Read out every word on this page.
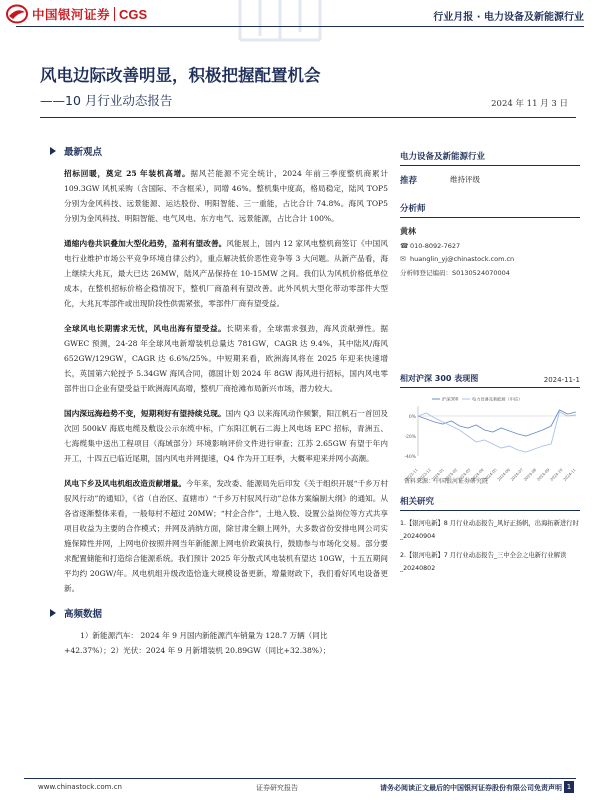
中国银河证券 CGS	行业月报 · 电力设备及新能源行业
风电边际改善明显，积极把握配置机会
——10 月行业动态报告	2024 年 11 月 3 日
最新观点

招标回暖，奠定 25 年装机高增。据风芒能源不完全统计，2024 年前三季度整机商累计 109.3GW 风机采购（含国际、不含框采），同增 46%。整机集中度高，格局稳定，陆风 TOP5 分别为金风科技、远景能源、运达股份、明阳智能、三一重能，占比合计 74.8%。海风 TOP5 分别为金风科技、明阳智能、电气风电、东方电气、远景能源，占比合计 100%。

通缩内卷共识叠加大型化趋势，盈利有望改善。风能展上，国内 12 家风电整机商签订《中国风电行业维护市场公平竞争环境自律公约》，重点解决低价恶性竞争等 3 大问题。从新产品看，海上继续大兆瓦，最大已达 26MW，陆风产品保持在 10-15MW 之间。我们认为风机价格低单位成本，在整机招标价格企稳情况下，整机厂商盈利有望改善。此外风机大型化带动零部件大型化，大兆瓦零部件或出现阶段性供需紧张，零部件厂商有望受益。

全球风电长期需求无忧，风电出海有望受益。长期来看，全球需求强劲，海风贡献弹性。据 GWEC 预测，24-28 年全球风电新增装机总量达 781GW，CAGR 达 9.4%，其中陆风/海风 652GW/129GW，CAGR 达 6.6%/25%。中短期来看，欧洲海风将在 2025 年迎来快速增长，英国第六轮授予 5.34GW 海风合同，德国计划 2024 年 8GW 海风进行招标，国内风电零部件出口企业有望受益于欧洲海风高增，整机厂商抢滩布局新兴市场，潜力较大。

国内深远海趋势不变，短期利好有望持续兑现。国内 Q3 以来海风动作频繁，阳江帆石一首回及次回 500kV 海底电缆及敷设公示东缆中标，广东阳江帆石二海上风电场 EPC 招标，青洲五、七海缆集中送出工程项目（海域部分）环境影响评价文件进行审查；江苏 2.65GW 有望于年内开工，十四五已临近尾期，国内风电并网提速，Q4 作为开工旺季，大概率迎来并网小高潮。

风电下乡及风电机组改造贡献增量。今年来，发改委、能源局先后印发《关于组织开展“千乡万村驭风行动”的通知》，《省（自治区、直辖市）“千乡万村驭风行动”总体方案编制大纲》的通知。从各省逐渐整体来看，一般每村不超过 20MW；“村企合作”，土地入股、设置公益岗位等方式共享项目收益为主要的合作模式；并网及消纳方面，除甘肃全额上网外，大多数省份安排电网公司实施保障性并网，上网电价按照并网当年新能源上网电价政策执行，鼓励参与市场化交易。部分要求配置储能和打造综合能源系统。我们预计 2025 年分散式风电装机有望达 10GW，十五五期间平均约 20GW/年。风电机组升级改造恰逢大规模设备更新，增量财政下，我们看好风电设备更新。

高频数据
1）新能源汽车： 2024 年 9 月国内新能源汽车销量为 128.7 万辆（同比
+42.37%）；2）光伏：2024 年 9 月新增装机 20.89GW（同比+32.38%）；
电力设备及新能源行业
推荐	维持评级
分析师
黄林
☎ 010-8092-7627
✉ huanglin_yj@chinastock.com.cn
分析师登记编码：S0130524070004
相对沪深 300 表现图	2024-11-1
-40%
-20%
0%
2023-11
2023-12
2024-01
2024-02
2024-03
2024-04
2024-05
2024-06
2024-07
2024-08
2024-09
2024-10
2024-11
沪深300	电力设备及新能源（中信）
资料来源：中国银河证券研究院
相关研究
1.【银河电新】8 月行业动态报告_风好正扬帆，出海拓新进行时_20240904
2.【银河电新】7 月行业动态报告_三中全会之电新行业解读_20240802
www.chinastock.com.cn	证券研究报告	请务必阅读正文最后的中国银河证券股份有限公司免责声明 1
